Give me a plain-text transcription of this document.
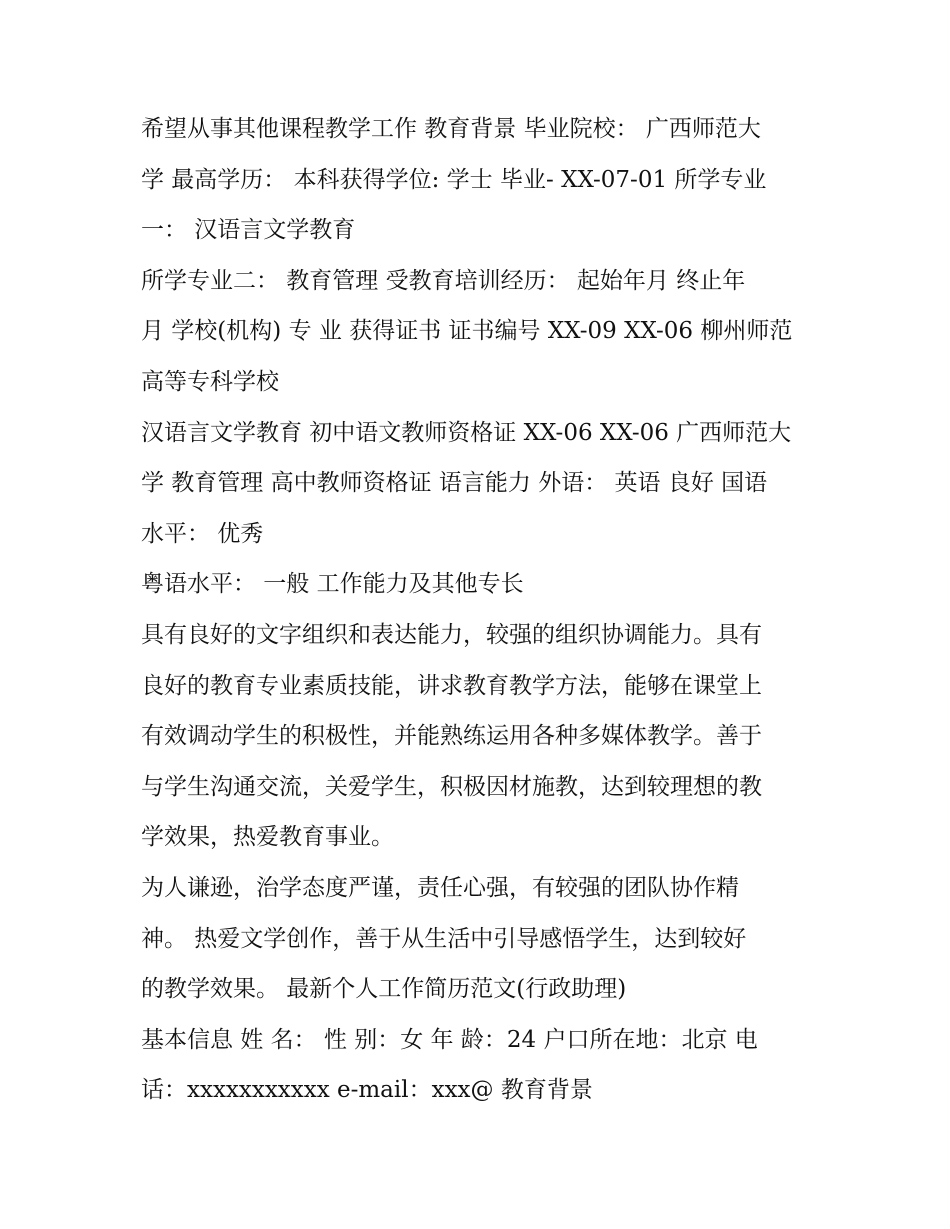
希望从事其他课程教学工作 教育背景 毕业院校： 广西师范大
学 最高学历： 本科获得学位: 学士 毕业- XX-07-01 所学专业
一： 汉语言文学教育
所学专业二： 教育管理 受教育培训经历： 起始年月 终止年
月 学校(机构) 专 业 获得证书 证书编号 XX-09 XX-06 柳州师范
高等专科学校
汉语言文学教育 初中语文教师资格证 XX-06 XX-06 广西师范大
学 教育管理 高中教师资格证 语言能力 外语： 英语 良好 国语
水平： 优秀
粤语水平： 一般 工作能力及其他专长
具有良好的文字组织和表达能力，较强的组织协调能力。具有
良好的教育专业素质技能，讲求教育教学方法，能够在课堂上
有效调动学生的积极性，并能熟练运用各种多媒体教学。善于
与学生沟通交流，关爱学生，积极因材施教，达到较理想的教
学效果，热爱教育事业。
为人谦逊，治学态度严谨，责任心强，有较强的团队协作精
神。 热爱文学创作，善于从生活中引导感悟学生，达到较好
的教学效果。 最新个人工作简历范文(行政助理)
基本信息 姓 名： 性 别：女 年 龄：24 户口所在地：北京 电
话：xxxxxxxxxxx e-mail：xxx@ 教育背景
